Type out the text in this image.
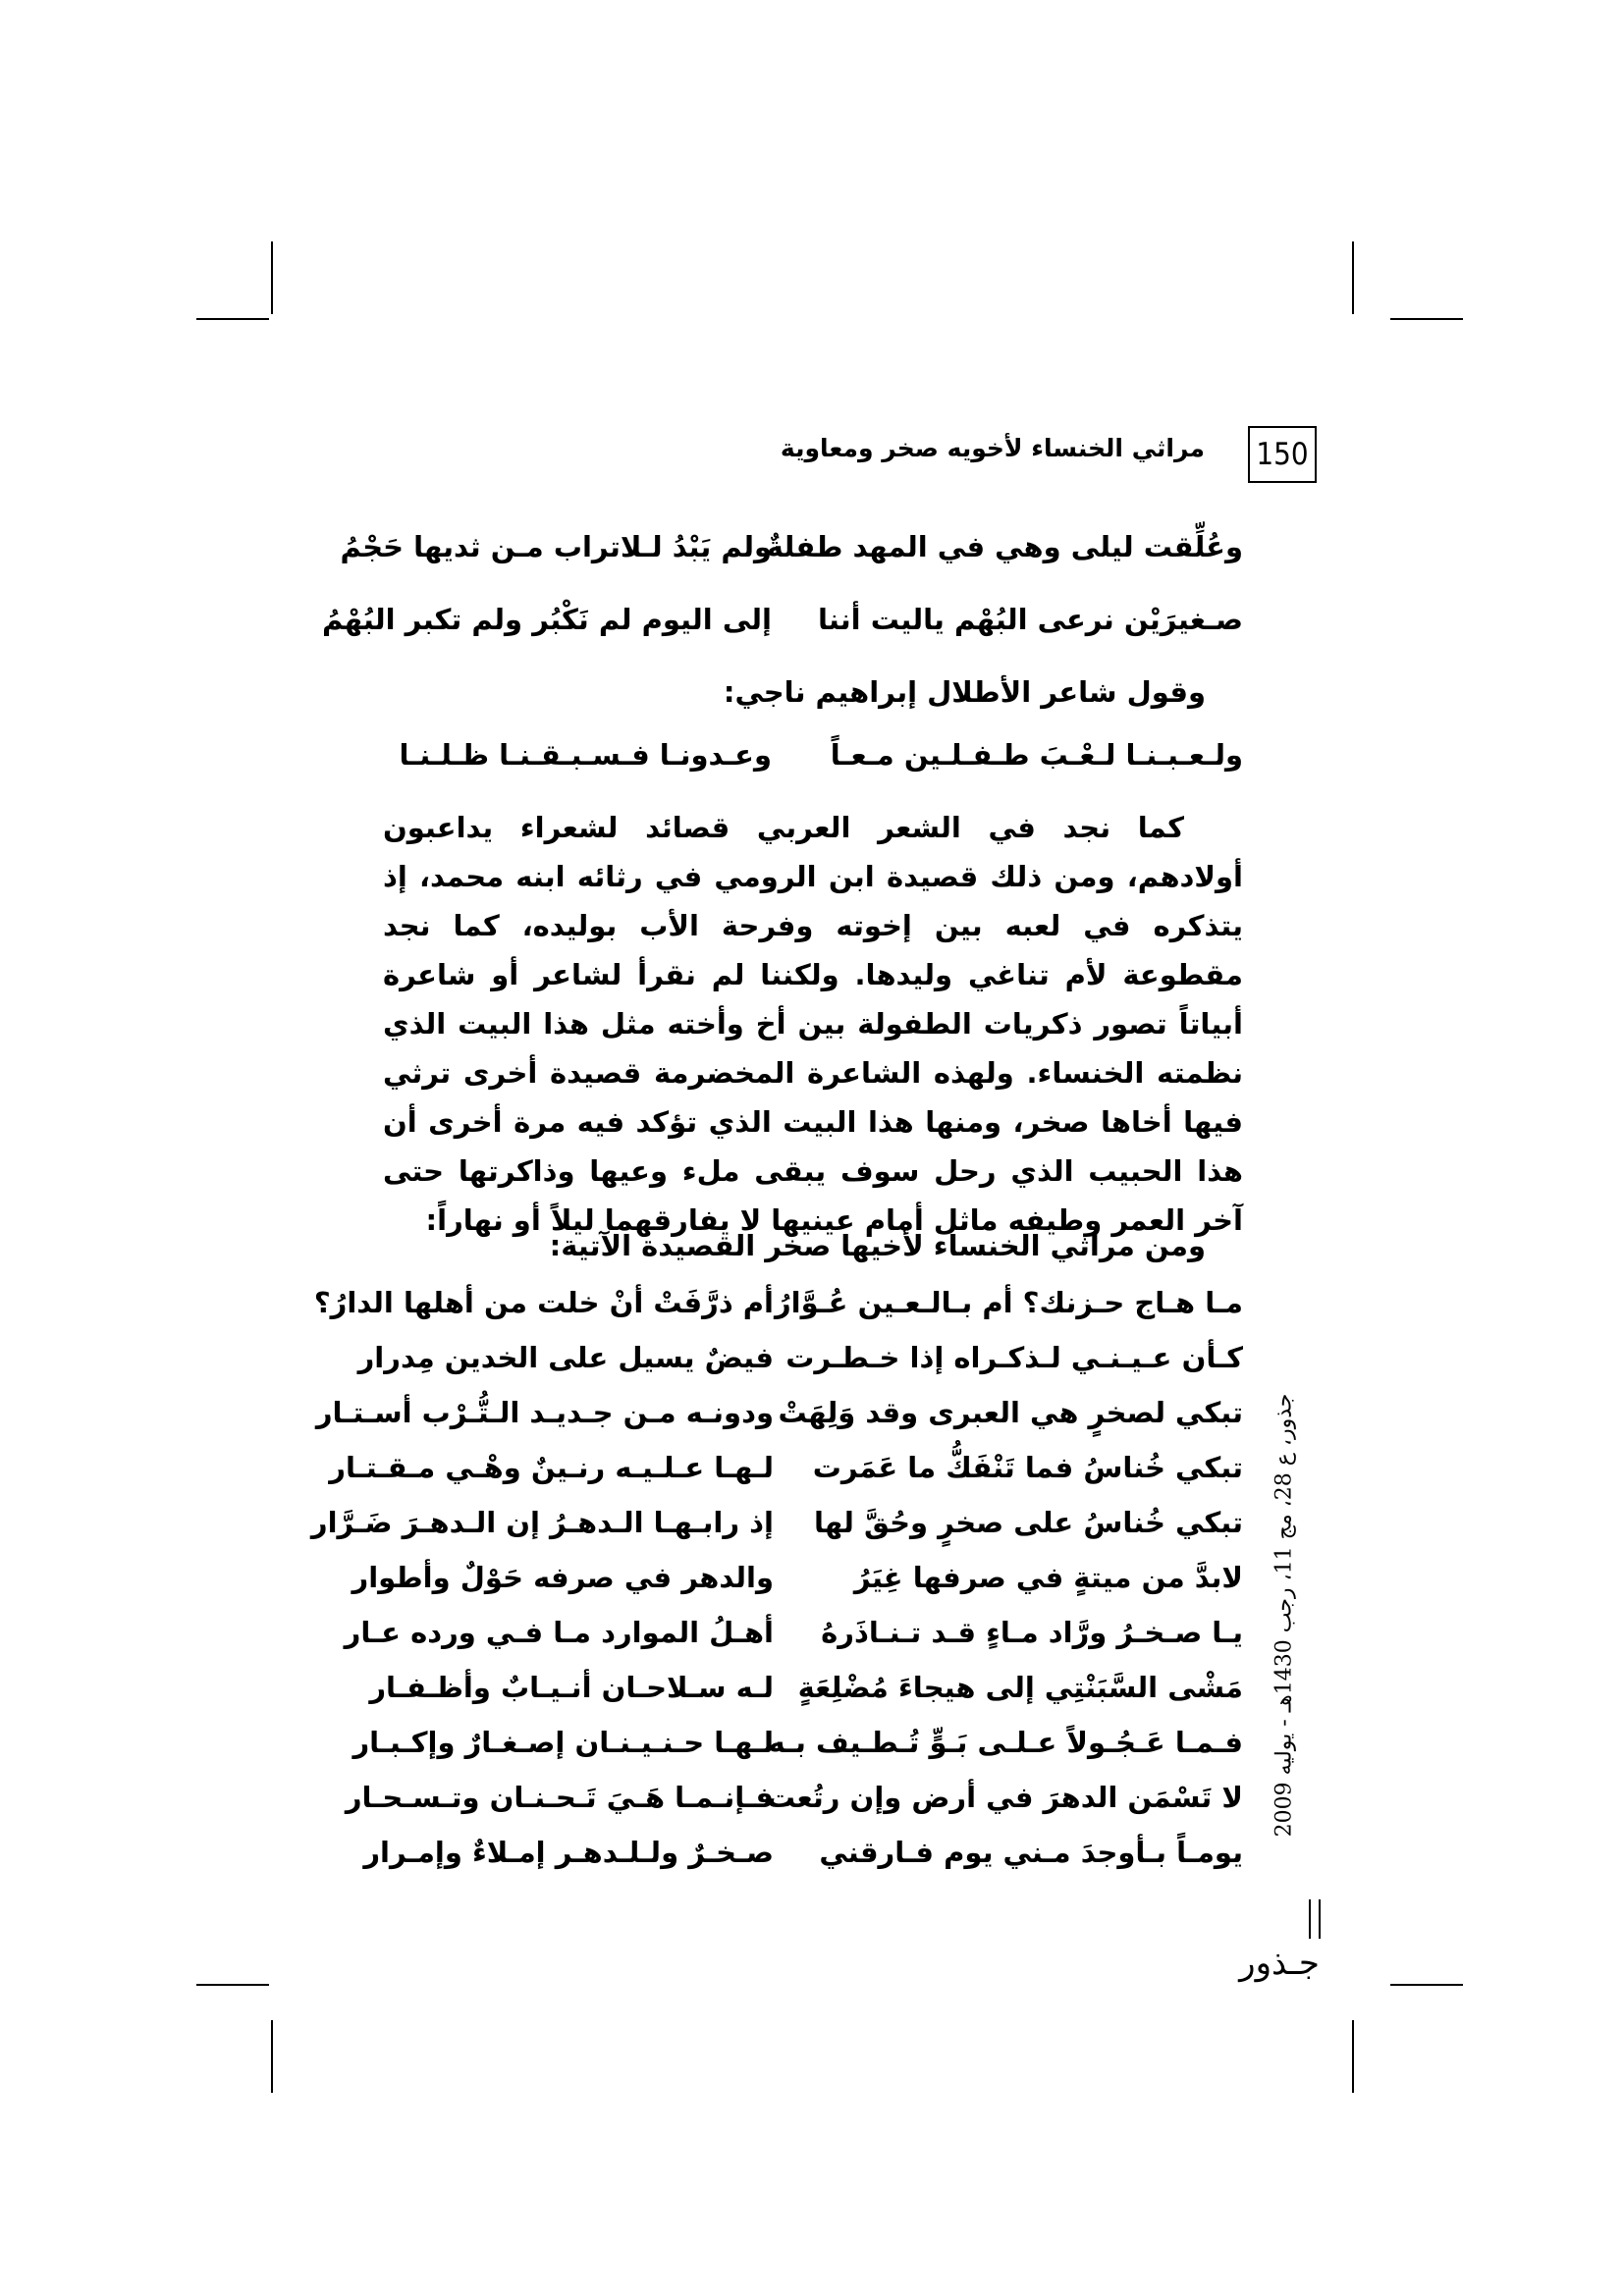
150
مراثي الخنساء لأخويه صخر ومعاوية
وعُلِّقت ليلى وهي في المهد طفلةٌ
ولم يَبْدُ لـلاتراب مـن ثديها حَجْمُ
صـغيرَيْن نرعى البُهْم ياليت أننا
إلى اليوم لم نَكْبُر ولم تكبر البُهْمُ
وقول شاعر الأطلال إبراهيم ناجي:
ولـعـبـنـا لـعْـبَ طـفـلـين مـعـاً
وعـدونـا فـسـبـقـنـا ظـلـنـا
كما نجد في الشعر العربي قصائد لشعراء يداعبون أولادهم، ومن ذلك قصيدة ابن الرومي في رثائه ابنه محمد، إذ يتذكره في لعبه بين إخوته وفرحة الأب بوليده، كما نجد مقطوعة لأم تناغي وليدها. ولكننا لم نقرأ لشاعر أو شاعرة أبياتاً تصور ذكريات الطفولة بين أخ وأخته مثل هذا البيت الذي نظمته الخنساء. ولهذه الشاعرة المخضرمة قصيدة أخرى ترثي فيها أخاها صخر، ومنها هذا البيت الذي تؤكد فيه مرة أخرى أن هذا الحبيب الذي رحل سوف يبقى ملء وعيها وذاكرتها حتى آخر العمر وطيفه ماثل أمام عينيها لا يفارقهما ليلاً أو نهاراً:
ومن مراثي الخنساء لأخيها صخر القصيدة الآتية:
مـا هـاج حـزنك؟ أم بـالـعـين عُـوَّارُ
أم ذرَّفَتْ أنْ خلت من أهلها الدارُ؟
كـأن عـيـنـي لـذكـراه إذا خـطـرت
فيضٌ يسيل على الخدين مِدرار
تبكي لصخرٍ هي العبرى وقد وَلِهَتْ
ودونـه مـن جـديـد الـتُّـرْب أسـتـار
تبكي خُناسُ فما تَنْفَكُّ ما عَمَرت
لـهـا عـلـيـه رنـينٌ وهْـي مـقـتـار
تبكي خُناسُ على صخرٍ وحُقَّ لها
إذ رابـهـا الـدهـرُ إن الـدهـرَ ضَـرَّار
لابدَّ من ميتةٍ في صرفها غِيَرُ
والدهر في صرفه حَوْلٌ وأطوار
يـا صـخـرُ ورَّاد مـاءٍ قـد تـنـاذَرهُ
أهـلُ الموارد مـا فـي ورده عـار
مَشْى السَّبَنْتِي إلى هيجاءَ مُضْلِعَةٍ
لـه سـلاحـان أنـيـابٌ وأظـفـار
فـمـا عَـجُـولاً عـلـى بَـوٍّ تُـطـيف بـه
لـهـا حـنـيـنـان إصـغـارٌ وإكـبـار
لا تَسْمَن الدهرَ في أرض وإن رتُعت
فـإنـمـا هَـيَ تَـحـنـان وتـسـحـار
يومـاً بـأوجدَ مـني يوم فـارقني
صـخـرٌ ولـلـدهـر إمـلاءٌ وإمـرار
جذور، ع 28، مج 11، رجب 1430هـ - يوليه 2009
جـذور
